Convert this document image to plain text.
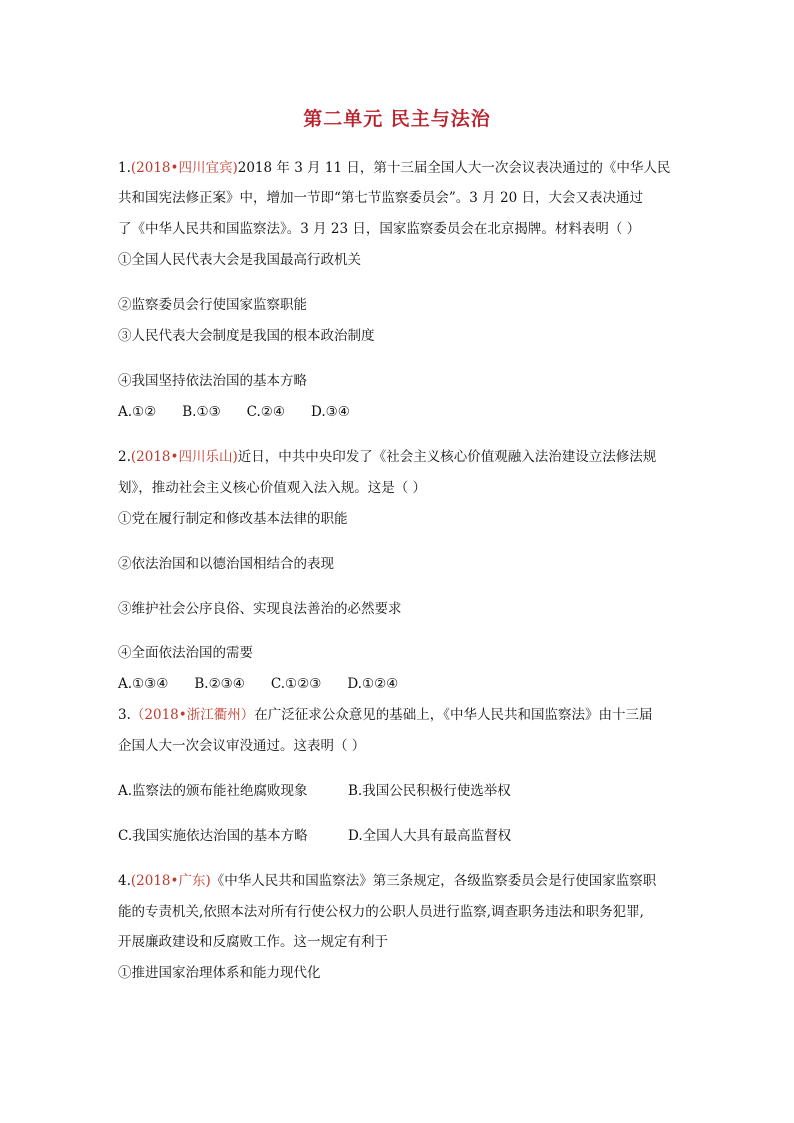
第二单元 民主与法治
1.(2018•四川宜宾)2018 年 3 月 11 日，第十三届全国人大一次会议表决通过的《中华人民
共和国宪法修正案》中，增加一节即“第七节监察委员会”。3 月 20 日，大会又表决通过
了《中华人民共和国监察法》。3 月 23 日，国家监察委员会在北京揭牌。材料表明（ ）
①全国人民代表大会是我国最高行政机关
②监察委员会行使国家监察职能
③人民代表大会制度是我国的根本政治制度
④我国坚持依法治国的基本方略
A.①② B.①③ C.②④ D.③④
2.(2018•四川乐山)近日，中共中央印发了《社会主义核心价值观融入法治建设立法修法规
划》，推动社会主义核心价值观入法入规。这是（ ）
①党在履行制定和修改基本法律的职能
②依法治国和以德治国相结合的表现
③维护社会公序良俗、实现良法善治的必然要求
④全面依法治国的需要
A.①③④ B.②③④ C.①②③ D.①②④
3.（2018•浙江衢州）在广泛征求公众意见的基础上，《中华人民共和国监察法》由十三届
企国人大一次会议审没通过。这表明（ ）
A.监察法的颁布能社绝腐败现象	B.我国公民积极行使选举权
C.我国实施依达治国的基本方略	D.全国人大具有最高监督权
4.(2018•广东)《中华人民共和国监察法》第三条规定，各级监察委员会是行使国家监察职
能的专责机关,依照本法对所有行使公权力的公职人员进行监察,调查职务违法和职务犯罪,
开展廉政建设和反腐败工作。这一规定有利于
①推进国家治理体系和能力现代化
